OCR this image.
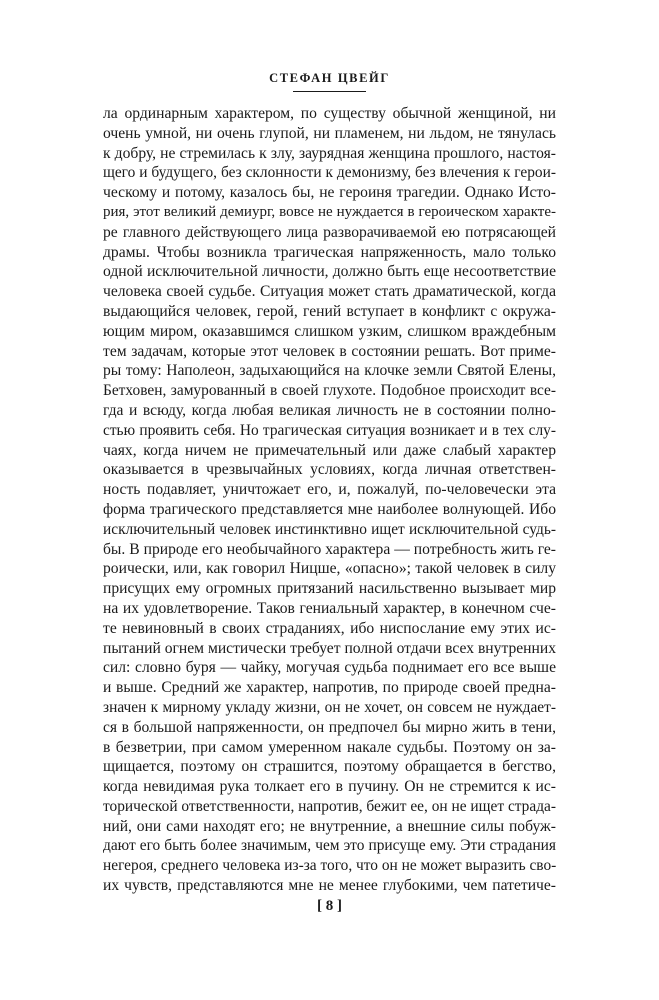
СТЕФАН ЦВЕЙГ
ла ординарным характером, по существу обычной женщиной, ни
очень умной, ни очень глупой, ни пламенем, ни льдом, не тянулась
к добру, не стремилась к злу, заурядная женщина прошлого, настоя-
щего и будущего, без склонности к демонизму, без влечения к герои-
ческому и потому, казалось бы, не героиня трагедии. Однако Исто-
рия, этот великий демиург, вовсе не нуждается в героическом характе-
ре главного действующего лица разворачиваемой ею потрясающей
драмы. Чтобы возникла трагическая напряженность, мало только
одной исключительной личности, должно быть еще несоответствие
человека своей судьбе. Ситуация может стать драматической, когда
выдающийся человек, герой, гений вступает в конфликт с окружа-
ющим миром, оказавшимся слишком узким, слишком враждебным
тем задачам, которые этот человек в состоянии решать. Вот приме-
ры тому: Наполеон, задыхающийся на клочке земли Святой Елены,
Бетховен, замурованный в своей глухоте. Подобное происходит все-
гда и всюду, когда любая великая личность не в состоянии полно-
стью проявить себя. Но трагическая ситуация возникает и в тех слу-
чаях, когда ничем не примечательный или даже слабый характер
оказывается в чрезвычайных условиях, когда личная ответствен-
ность подавляет, уничтожает его, и, пожалуй, по-человечески эта
форма трагического представляется мне наиболее волнующей. Ибо
исключительный человек инстинктивно ищет исключительной судь-
бы. В природе его необычайного характера — потребность жить ге-
роически, или, как говорил Ницше, «опасно»; такой человек в силу
присущих ему огромных притязаний насильственно вызывает мир
на их удовлетворение. Таков гениальный характер, в конечном сче-
те невиновный в своих страданиях, ибо ниспослание ему этих ис-
пытаний огнем мистически требует полной отдачи всех внутренних
сил: словно буря — чайку, могучая судьба поднимает его все выше
и выше. Средний же характер, напротив, по природе своей предна-
значен к мирному укладу жизни, он не хочет, он совсем не нуждает-
ся в большой напряженности, он предпочел бы мирно жить в тени,
в безветрии, при самом умеренном накале судьбы. Поэтому он за-
щищается, поэтому он страшится, поэтому обращается в бегство,
когда невидимая рука толкает его в пучину. Он не стремится к ис-
торической ответственности, напротив, бежит ее, он не ищет страда-
ний, они сами находят его; не внутренние, а внешние силы побуж-
дают его быть более значимым, чем это присуще ему. Эти страдания
негероя, среднего человека из-за того, что он не может выразить сво-
их чувств, представляются мне не менее глубокими, чем патетиче-
[ 8 ]
